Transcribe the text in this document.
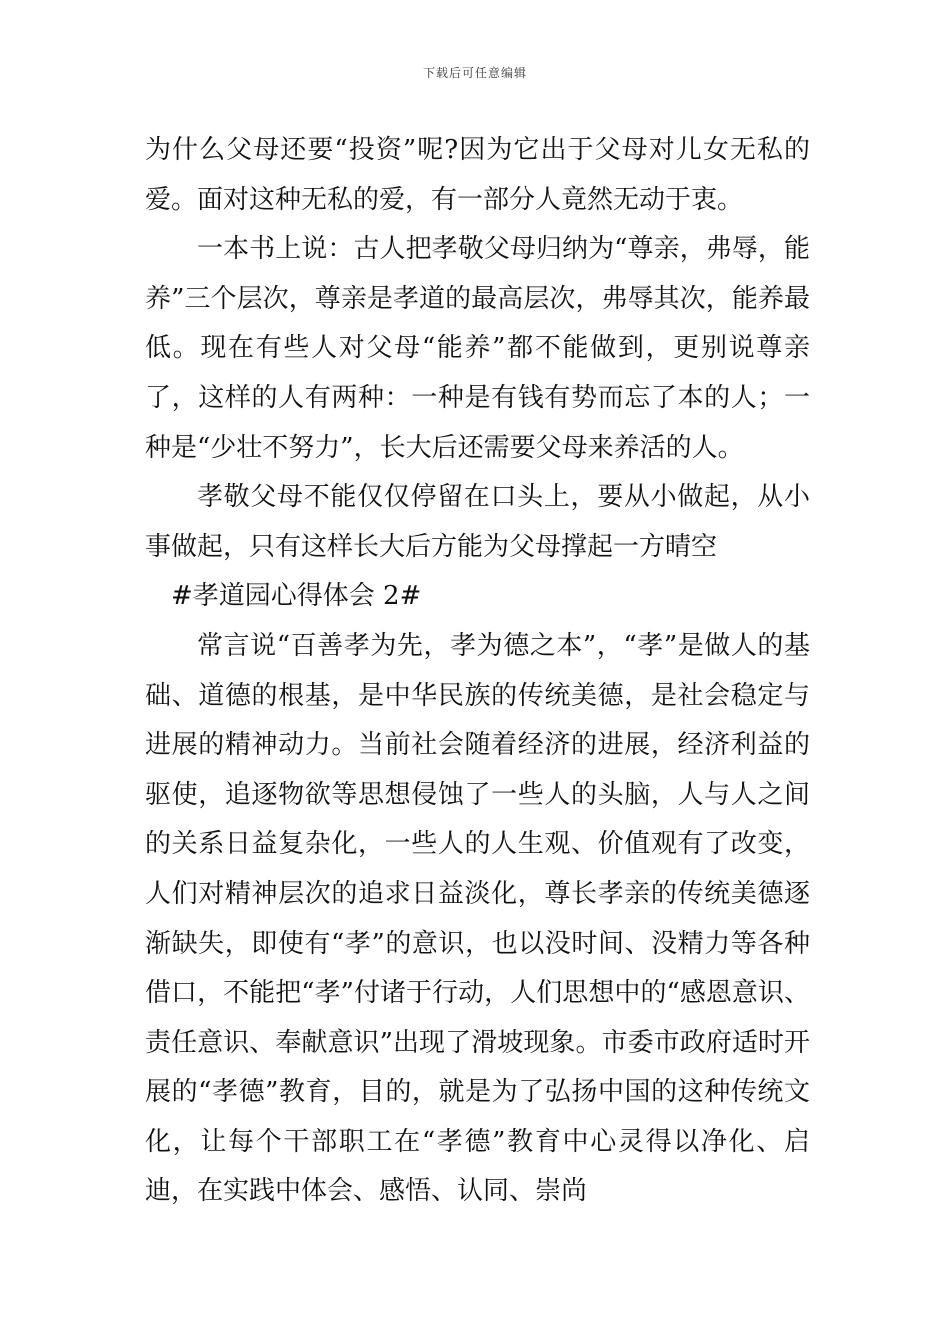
下载后可任意编辑

为什么父母还要“投资”呢?因为它出于父母对儿女无私的爱。面对这种无私的爱，有一部分人竟然无动于衷。

一本书上说：古人把孝敬父母归纳为“尊亲，弗辱，能养”三个层次，尊亲是孝道的最高层次，弗辱其次，能养最低。现在有些人对父母“能养”都不能做到，更别说尊亲了，这样的人有两种：一种是有钱有势而忘了本的人；一种是“少壮不努力”，长大后还需要父母来养活的人。

孝敬父母不能仅仅停留在口头上，要从小做起，从小事做起，只有这样长大后方能为父母撑起一方晴空

#孝道园心得体会 2#

常言说“百善孝为先，孝为德之本”，“孝”是做人的基础、道德的根基，是中华民族的传统美德，是社会稳定与进展的精神动力。当前社会随着经济的进展，经济利益的驱使，追逐物欲等思想侵蚀了一些人的头脑，人与人之间的关系日益复杂化，一些人的人生观、价值观有了改变，人们对精神层次的追求日益淡化，尊长孝亲的传统美德逐渐缺失，即使有“孝”的意识，也以没时间、没精力等各种借口，不能把“孝”付诸于行动，人们思想中的“感恩意识、责任意识、奉献意识”出现了滑坡现象。市委市政府适时开展的“孝德”教育，目的，就是为了弘扬中国的这种传统文化，让每个干部职工在“孝德”教育中心灵得以净化、启迪，在实践中体会、感悟、认同、崇尚
